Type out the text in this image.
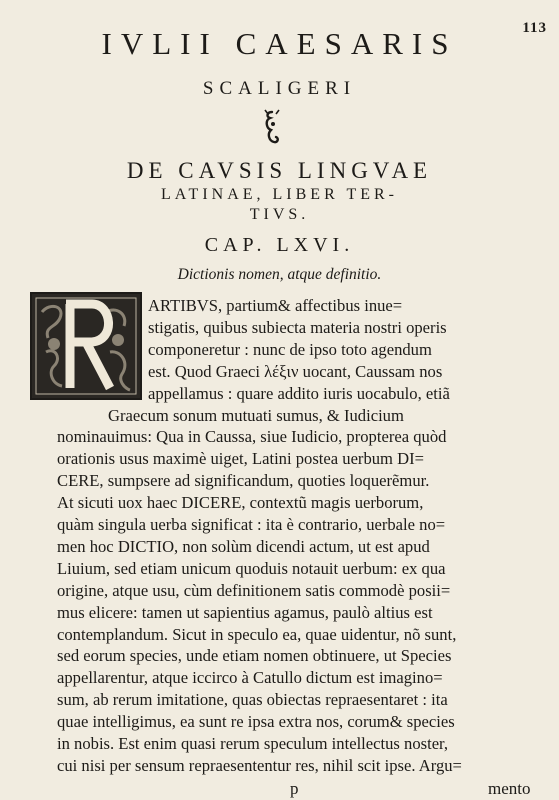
113
IVLII CAESARIS
SCALIGERI
DE CAVSIS LINGVAE
LATINAE, LIBER TER-
TIVS.
CAP. LXVI.
Dictionis nomen, atque definitio.
ARTIBVS, partium& affectibus inue=
stigatis, quibus subiecta materia nostri operis
componeretur : nunc de ipso toto agendum
est. Quod Graeci λέξιν uocant, Caussam nos
appellamus : quare addito iuris uocabulo, etiã
Graecum sonum mutuati sumus, & Iudicium
nominauimus: Qua in Caussa, siue Iudicio, propterea quòd
orationis usus maximè uiget, Latini postea uerbum DI=
CERE, sumpsere ad significandum, quoties loquerẽmur.
At sicuti uox haec DICERE, contextũ magis uerborum,
quàm singula uerba significat : ita è contrario, uerbale no=
men hoc DICTIO, non solùm dicendi actum, ut est apud
Liuium, sed etiam unicum quoduis notauit uerbum: ex qua
origine, atque usu, cùm definitionem satis commodè posii=
mus elicere: tamen ut sapientius agamus, paulò altius est
contemplandum. Sicut in speculo ea, quae uidentur, nõ sunt,
sed eorum species, unde etiam nomen obtinuere, ut Species
appellarentur, atque iccirco à Catullo dictum est imagino=
sum, ab rerum imitatione, quas obiectas repraesentaret : ita
quae intelligimus, ea sunt re ipsa extra nos, corum& species
in nobis. Est enim quasi rerum speculum intellectus noster,
cui nisi per sensum repraesententur res, nihil scit ipse. Argu=
p	mento
